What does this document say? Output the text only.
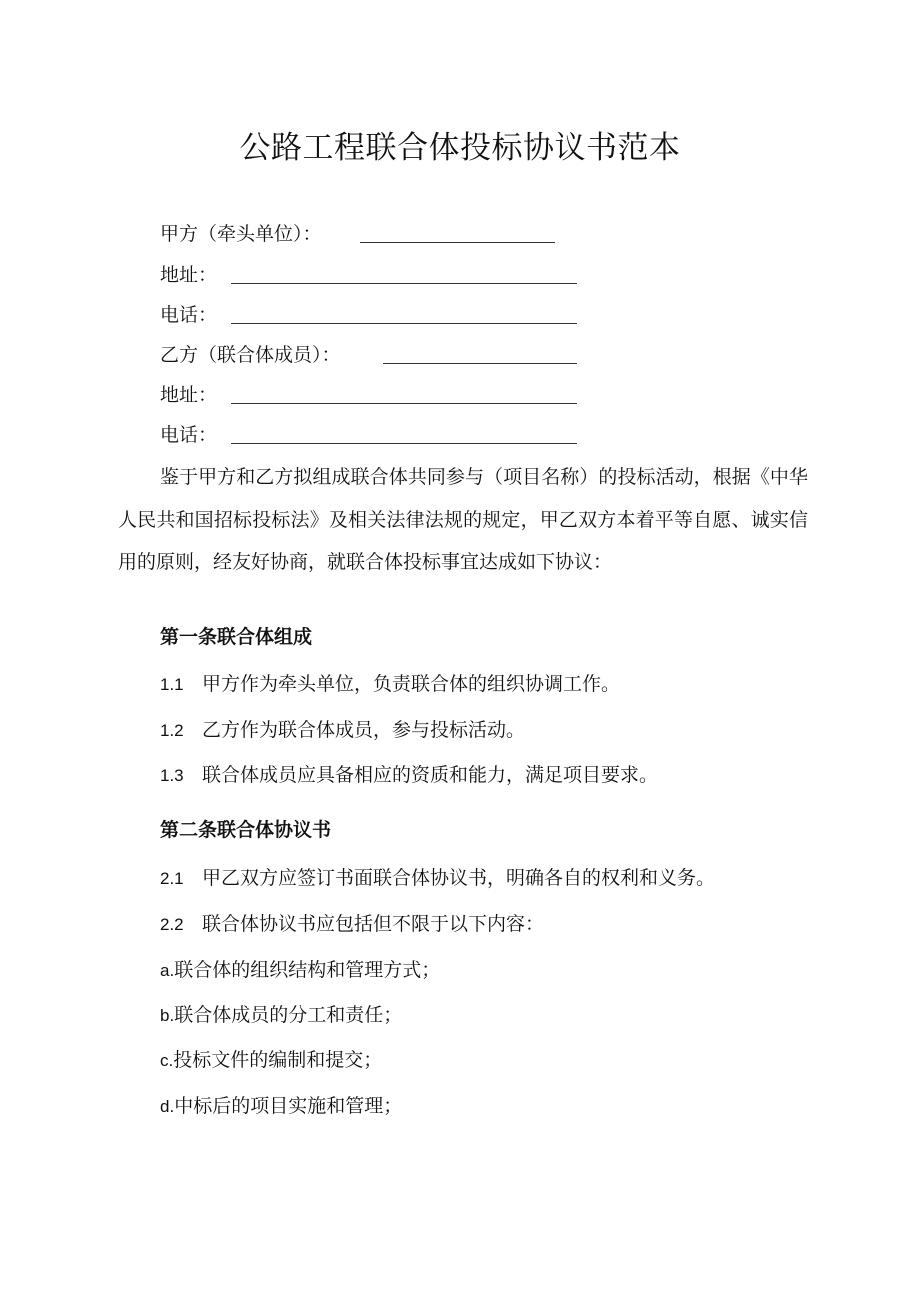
公路工程联合体投标协议书范本
甲方（牵头单位）：
地址：
电话：
乙方（联合体成员）：
地址：
电话：

鉴于甲方和乙方拟组成联合体共同参与（项目名称）的投标活动，根据《中华人民共和国招标投标法》及相关法律法规的规定，甲乙双方本着平等自愿、诚实信用的原则，经友好协商，就联合体投标事宜达成如下协议：

第一条联合体组成
1.1 甲方作为牵头单位，负责联合体的组织协调工作。
1.2 乙方作为联合体成员，参与投标活动。
1.3 联合体成员应具备相应的资质和能力，满足项目要求。
第二条联合体协议书
2.1 甲乙双方应签订书面联合体协议书，明确各自的权利和义务。
2.2 联合体协议书应包括但不限于以下内容：
a.联合体的组织结构和管理方式；
b.联合体成员的分工和责任；
c.投标文件的编制和提交；
d.中标后的项目实施和管理；
